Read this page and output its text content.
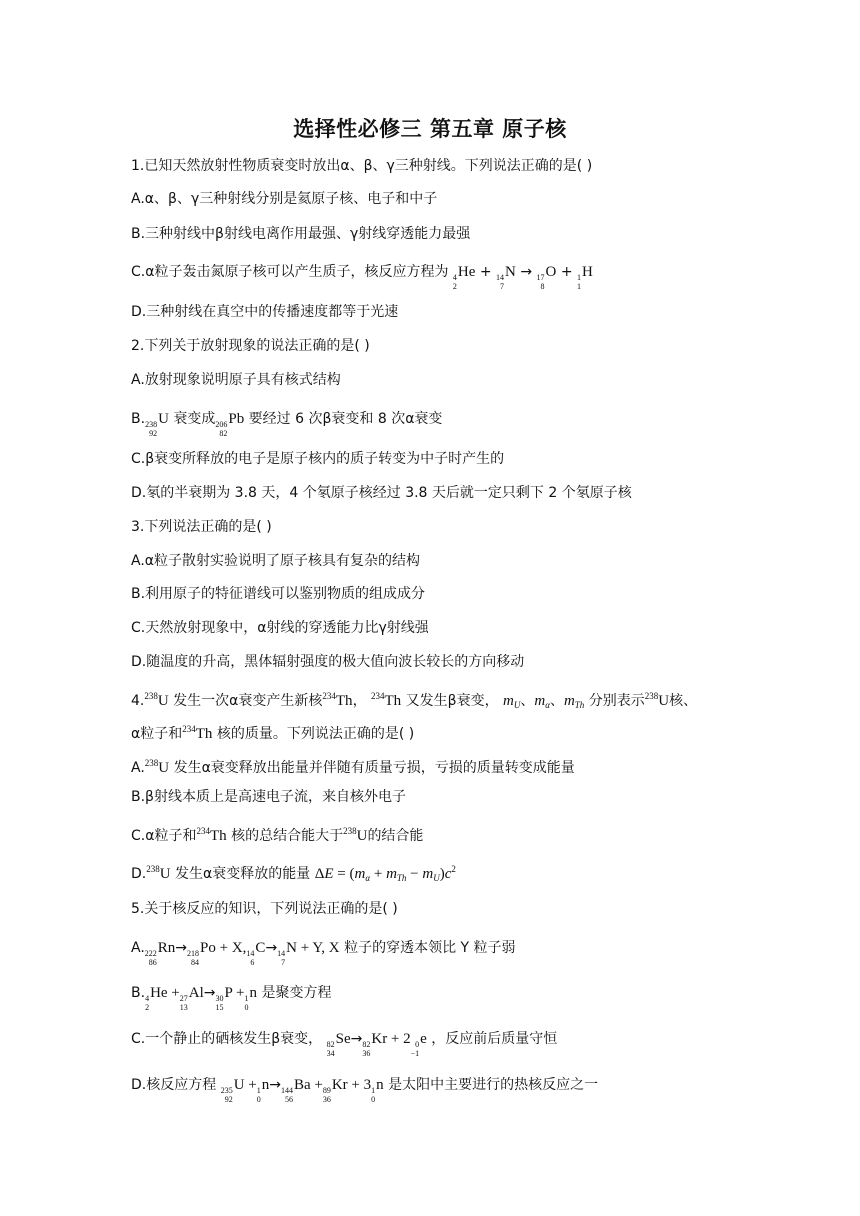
选择性必修三 第五章 原子核
1.已知天然放射性物质衰变时放出α、β、γ三种射线。下列说法正确的是( )
A.α、β、γ三种射线分别是氦原子核、电子和中子
B.三种射线中β射线电离作用最强、γ射线穿透能力最强
C.α粒子轰击氮原子核可以产生质子，核反应方程为 4
2
He + 14
7
N → 17
8
O + 1
1
H
D.三种射线在真空中的传播速度都等于光速
2.下列关于放射现象的说法正确的是( )
A.放射现象说明原子具有核式结构
B. 238
92
U 衰变成 206
82
Pb 要经过 6 次β衰变和 8 次α衰变
C.β衰变所释放的电子是原子核内的质子转变为中子时产生的
D.氡的半衰期为 3.8 天，4 个氡原子核经过 3.8 天后就一定只剩下 2 个氡原子核
3.下列说法正确的是( )
A.α粒子散射实验说明了原子核具有复杂的结构
B.利用原子的特征谱线可以鉴别物质的组成成分
C.天然放射现象中，α射线的穿透能力比γ射线强
D.随温度的升高，黑体辐射强度的极大值向波长较长的方向移动
4.$^{238}$U 发生一次α衰变产生新核$^{234}$Th， $^{234}$Th 又发生β衰变， $m_U$、$m_\alpha$、$m_{Th}$ 分别表示$^{238}$U核、
α粒子和$^{234}$Th 核的质量。下列说法正确的是( )
A.$^{238}$U 发生α衰变释放出能量并伴随有质量亏损，亏损的质量转变成能量
B.β射线本质上是高速电子流，来自核外电子
C.α粒子和$^{234}$Th 核的总结合能大于$^{238}$U的结合能
D.$^{238}$U 发生α衰变释放的能量 $\Delta E = (m_\alpha + m_{Th} - m_U)c^2$
5.关于核反应的知识，下列说法正确的是( )
A. 222
86
Rn→ 218
84
Po + X, 14
6
C→ 14
7
N + Y, X 粒子的穿透本领比 Y 粒子弱
B. 4
2
He + 27
13
Al→ 30
15
P + 1
0
n 是聚变方程
C.一个静止的硒核发生β衰变， 82
34
Se→ 82
36
Kr + 2 0
−1
e ，反应前后质量守恒
D.核反应方程 235
92
U + 1
0
n→ 144
56
Ba + 89
36
Kr + 3 1
0
n 是太阳中主要进行的热核反应之一
